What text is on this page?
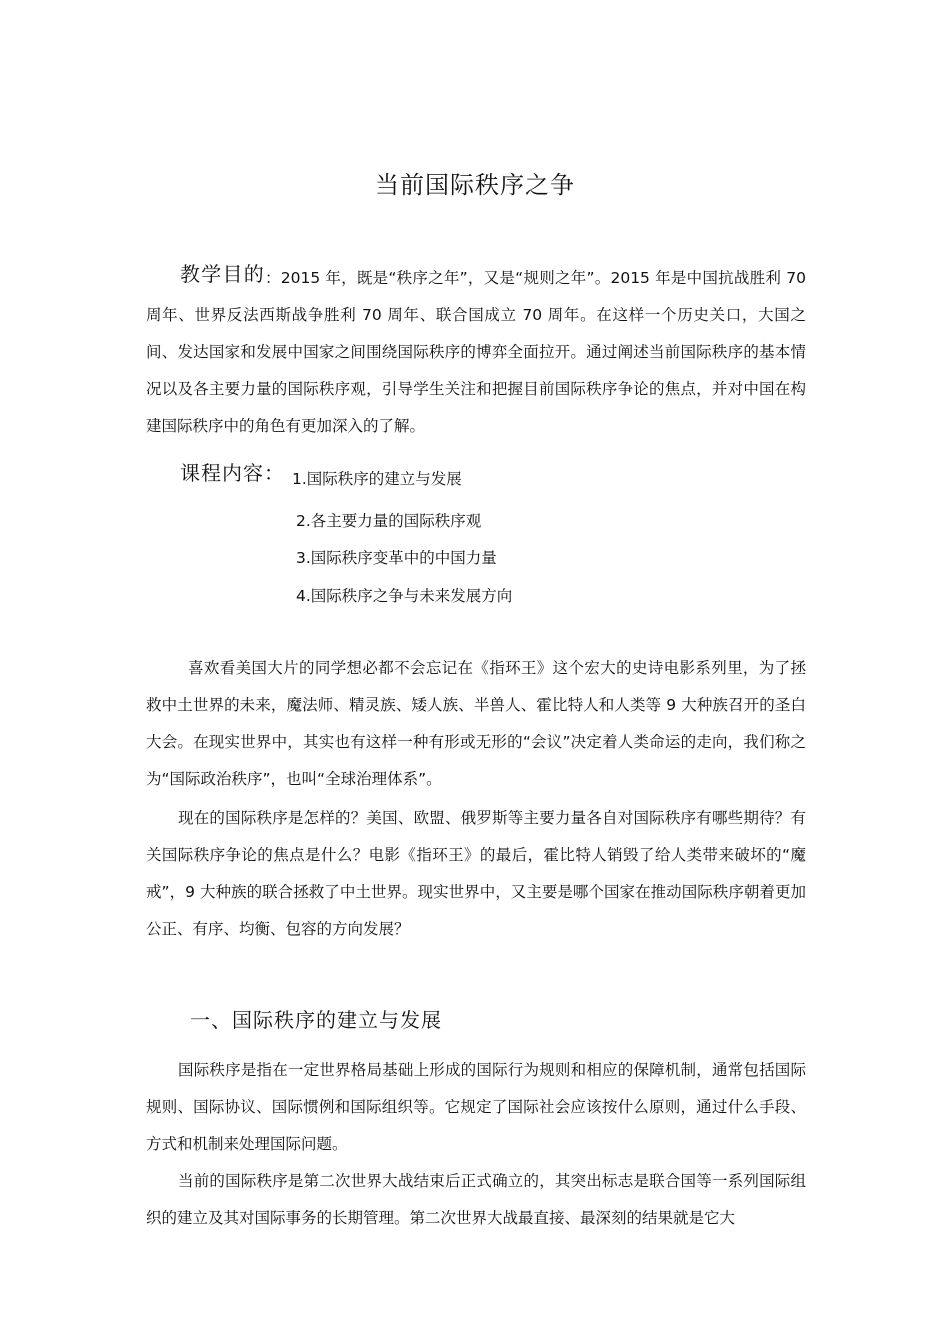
当前国际秩序之争
教学目的：2015 年，既是“秩序之年”，又是“规则之年”。2015 年是中国抗战胜利 70 周年、世界反法西斯战争胜利 70 周年、联合国成立 70 周年。在这样一个历史关口，大国之间、发达国家和发展中国家之间围绕国际秩序的博弈全面拉开。通过阐述当前国际秩序的基本情况以及各主要力量的国际秩序观，引导学生关注和把握目前国际秩序争论的焦点，并对中国在构建国际秩序中的角色有更加深入的了解。
课程内容： 1.国际秩序的建立与发展
2.各主要力量的国际秩序观
3.国际秩序变革中的中国力量
4.国际秩序之争与未来发展方向

喜欢看美国大片的同学想必都不会忘记在《指环王》这个宏大的史诗电影系列里，为了拯救中土世界的未来，魔法师、精灵族、矮人族、半兽人、霍比特人和人类等 9 大种族召开的圣白大会。在现实世界中，其实也有这样一种有形或无形的“会议”决定着人类命运的走向，我们称之为“国际政治秩序”，也叫“全球治理体系”。

现在的国际秩序是怎样的？美国、欧盟、俄罗斯等主要力量各自对国际秩序有哪些期待？有关国际秩序争论的焦点是什么？电影《指环王》的最后，霍比特人销毁了给人类带来破坏的“魔戒”，9 大种族的联合拯救了中土世界。现实世界中，又主要是哪个国家在推动国际秩序朝着更加公正、有序、均衡、包容的方向发展？

一、国际秩序的建立与发展

国际秩序是指在一定世界格局基础上形成的国际行为规则和相应的保障机制，通常包括国际规则、国际协议、国际惯例和国际组织等。它规定了国际社会应该按什么原则，通过什么手段、方式和机制来处理国际问题。

当前的国际秩序是第二次世界大战结束后正式确立的，其突出标志是联合国等一系列国际组织的建立及其对国际事务的长期管理。第二次世界大战最直接、最深刻的结果就是它大
